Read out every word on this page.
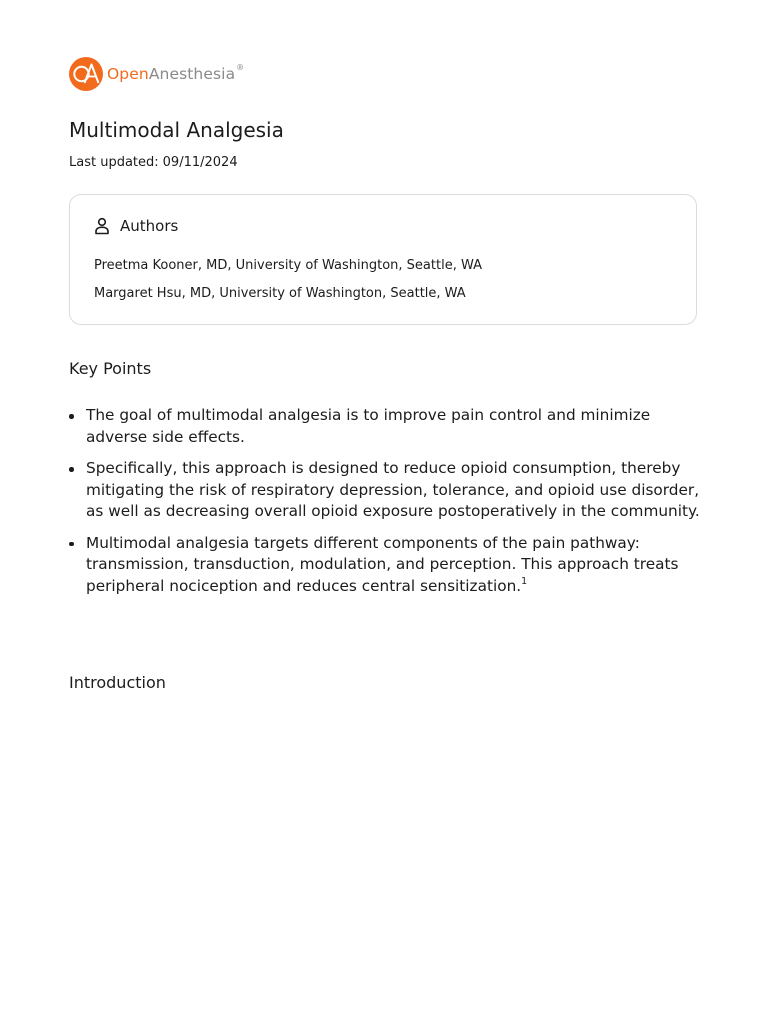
Open Anesthesia ®
Multimodal Analgesia
Last updated: 09/11/2024
Authors
Preetma Kooner, MD, University of Washington, Seattle, WA
Margaret Hsu, MD, University of Washington, Seattle, WA
Key Points
The goal of multimodal analgesia is to improve pain control and minimize adverse side effects.
Specifically, this approach is designed to reduce opioid consumption, thereby mitigating the risk of respiratory depression, tolerance, and opioid use disorder, as well as decreasing overall opioid exposure postoperatively in the community.
Multimodal analgesia targets different components of the pain pathway: transmission, transduction, modulation, and perception. This approach treats peripheral nociception and reduces central sensitization.$^1$
Introduction
